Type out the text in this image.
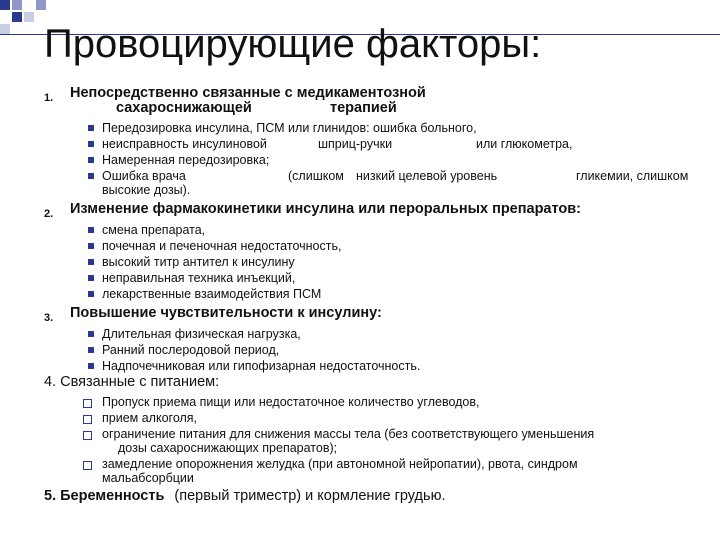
Провоцирующие факторы:
1. Непосредственно связанные с медикаментозной
сахароснижающей	терапией
Передозировка инсулина, ПСМ или глинидов: ошибка больного,
неисправность инсулиновой	шприц-ручки	или глюкометра,
Намеренная передозировка;
Ошибка врача	(слишком низкий целевой уровень	гликемии, слишком
высокие дозы).
2. Изменение фармакокинетики инсулина или пероральных препаратов:
смена препарата,
почечная и печеночная недостаточность,
высокий титр антител к инсулину
неправильная техника инъекций,
лекарственные взаимодействия ПСМ
3. Повышение чувствительности к инсулину:
Длительная физическая нагрузка,
Ранний послеродовой период,
Надпочечниковая или гипофизарная недостаточность.
4. Связанные с питанием:
Пропуск приема пищи или недостаточное количество углеводов,
прием алкоголя,
ограничение питания для снижения массы тела (без соответствующего уменьшения
дозы сахароснижающих препаратов);
замедление опорожнения желудка (при автономной нейропатии), рвота, синдром
мальабсорбции
5. Беременность (первый триместр) и кормление грудью.
